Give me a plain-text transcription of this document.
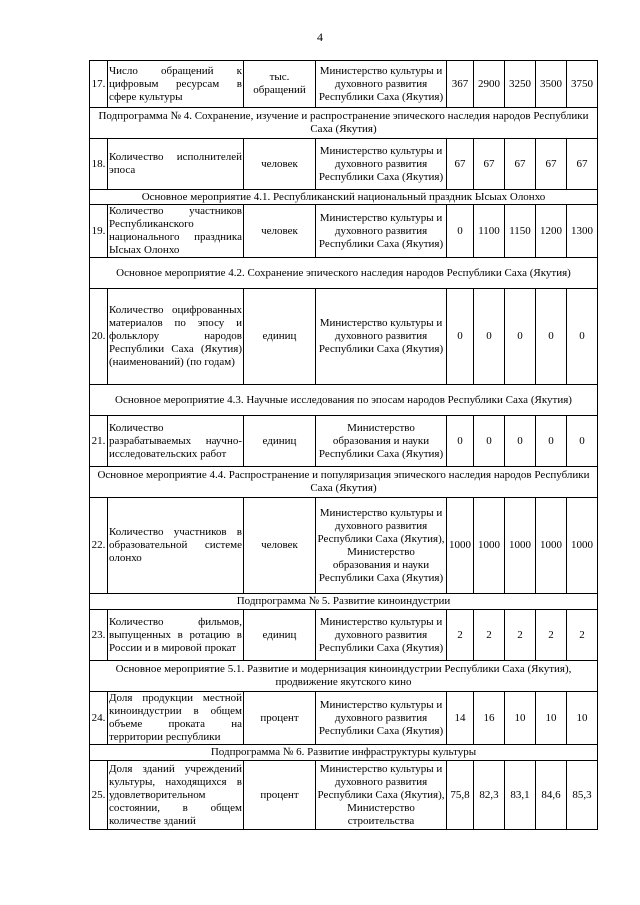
4
17.	Число обращений к цифровым ресурсам в сфере культуры	тыс. обращений	Министерство культуры и духовного развития Республики Саха (Якутия)	367	2900	3250	3500	3750
Подпрограмма № 4. Сохранение, изучение и распространение эпического наследия народов Республики Саха (Якутия)								
18.	Количество исполнителей эпоса	человек	Министерство культуры и духовного развития Республики Саха (Якутия)	67	67	67	67	67
Основное мероприятие 4.1. Республиканский национальный праздник Ысыах Олонхо								
19.	Количество участников Республиканского национального праздника Ысыах Олонхо	человек	Министерство культуры и духовного развития Республики Саха (Якутия)	0	1100	1150	1200	1300
Основное мероприятие 4.2. Сохранение эпического наследия народов Республики Саха (Якутия)								
20.	Количество оцифрованных материалов по эпосу и фольклору народов Республики Саха (Якутия) (наименований) (по годам)	единиц	Министерство культуры и духовного развития Республики Саха (Якутия)	0	0	0	0	0
Основное мероприятие 4.3. Научные исследования по эпосам народов Республики Саха (Якутия)								
21.	Количество разрабатываемых научно-исследовательских работ	единиц	Министерство образования и науки Республики Саха (Якутия)	0	0	0	0	0
Основное мероприятие 4.4. Распространение и популяризация эпического наследия народов Республики Саха (Якутия)								
22.	Количество участников в образовательной системе олонхо	человек	Министерство культуры и духовного развития Республики Саха (Якутия), Министерство образования и науки Республики Саха (Якутия)	1000	1000	1000	1000	1000
Подпрограмма № 5. Развитие киноиндустрии								
23.	Количество фильмов, выпущенных в ротацию в России и в мировой прокат	единиц	Министерство культуры и духовного развития Республики Саха (Якутия)	2	2	2	2	2
Основное мероприятие 5.1. Развитие и модернизация киноиндустрии Республики Саха (Якутия), продвижение якутского кино								
24.	Доля продукции местной киноиндустрии в общем объеме проката на территории республики	процент	Министерство культуры и духовного развития Республики Саха (Якутия)	14	16	10	10	10
Подпрограмма № 6. Развитие инфраструктуры культуры								
25.	Доля зданий учреждений культуры, находящихся в удовлетворительном состоянии, в общем количестве зданий	процент	Министерство культуры и духовного развития Республики Саха (Якутия), Министерство строительства	75,8	82,3	83,1	84,6	85,3
